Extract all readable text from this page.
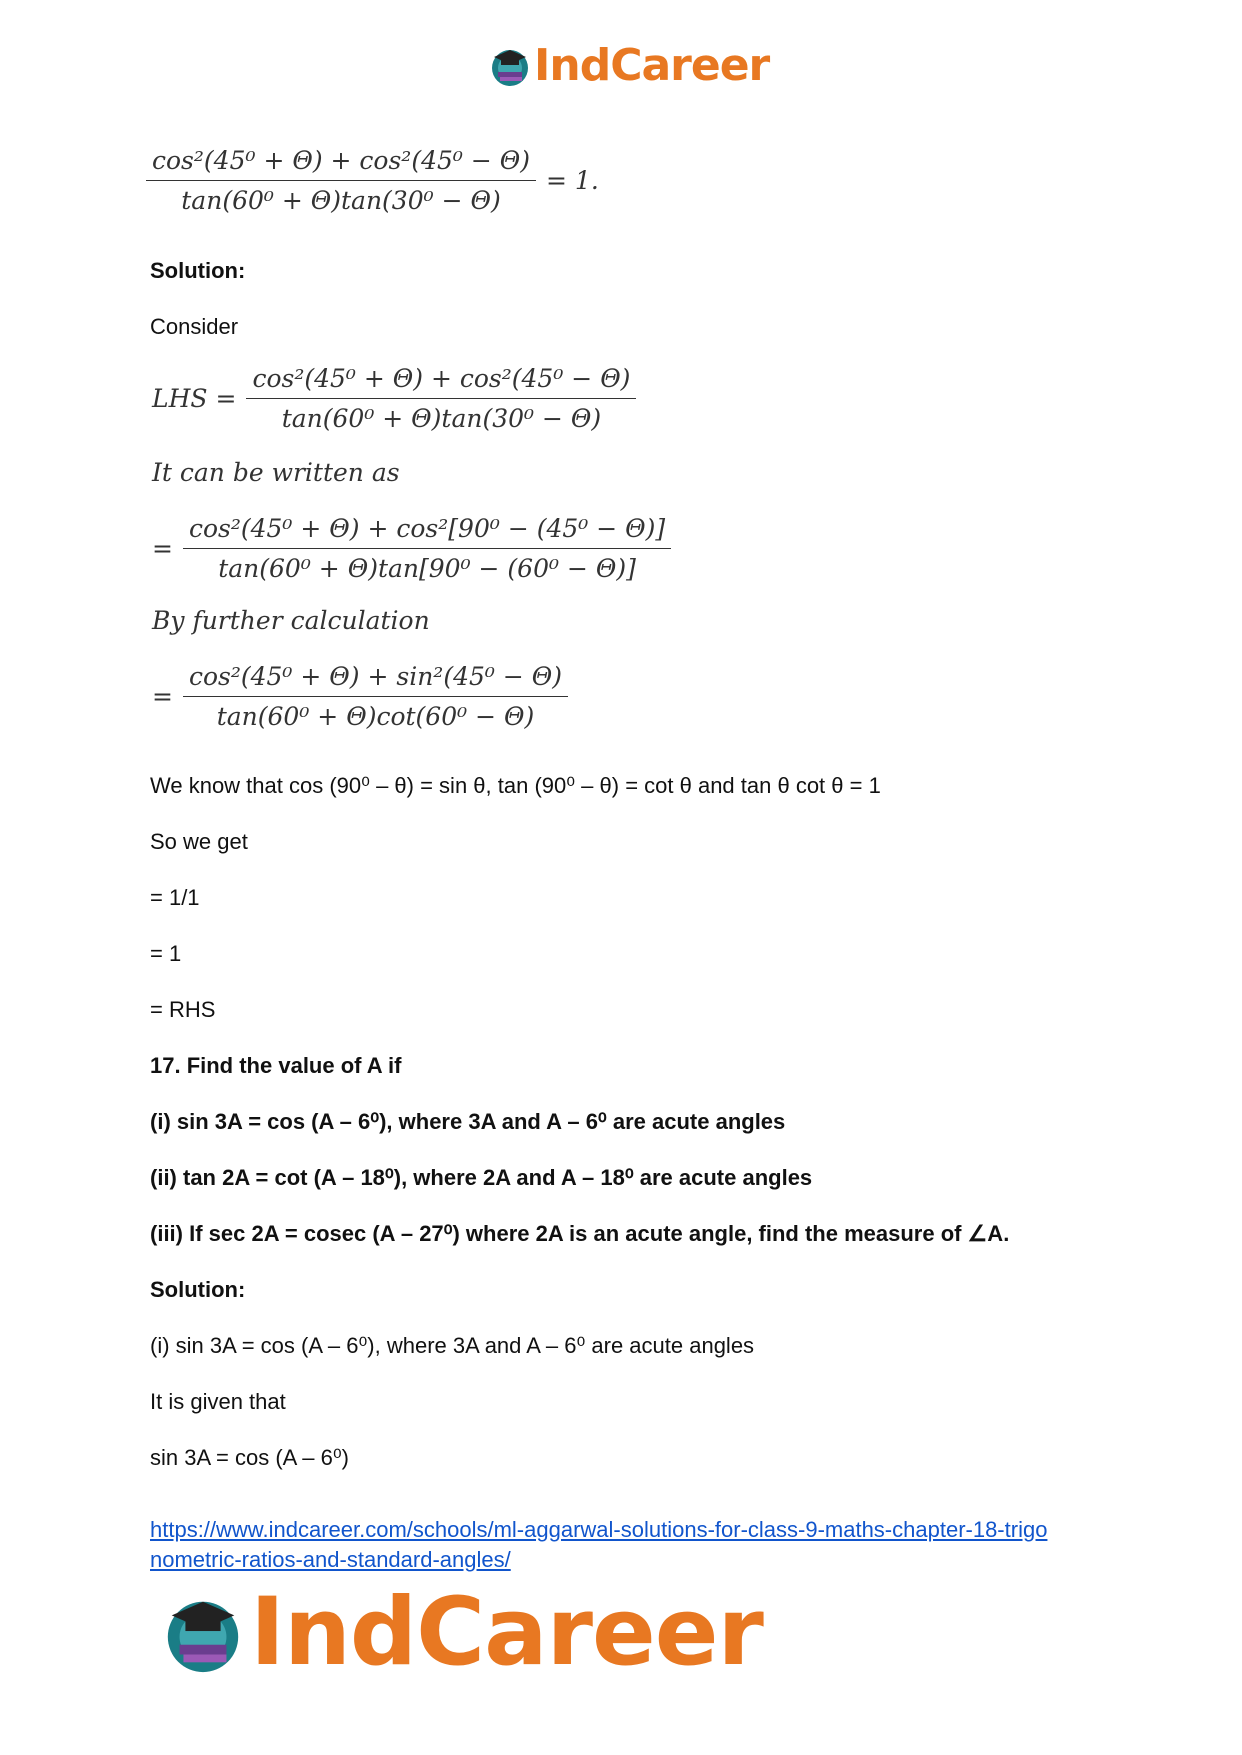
IndCareer
$\frac{\text{cos²(45⁰ + Θ) + cos²(45⁰ − Θ)}}{\text{tan(60⁰ + Θ)tan(30⁰ − Θ)}} = 1$.
Solution:
Consider
LHS = $\frac{\text{cos²(45⁰ + Θ) + cos²(45⁰ − Θ)}}{\text{tan(60⁰ + Θ)tan(30⁰ − Θ)}}$
It can be written as
= $\frac{\text{cos²(45⁰ + Θ) + cos²[90⁰ − (45⁰ − Θ)]}}{\text{tan(60⁰ + Θ)tan[90⁰ − (60⁰ − Θ)]}}$
By further calculation
= $\frac{\text{cos²(45⁰ + Θ) + sin²(45⁰ − Θ)}}{\text{tan(60⁰ + Θ)cot(60⁰ − Θ)}}$
We know that cos (90⁰ – θ) = sin θ, tan (90⁰ – θ) = cot θ and tan θ cot θ = 1
So we get
= 1/1
= 1
= RHS
17. Find the value of A if
(i) sin 3A = cos (A – 6⁰), where 3A and A – 6⁰ are acute angles
(ii) tan 2A = cot (A – 18⁰), where 2A and A – 18⁰ are acute angles
(iii) If sec 2A = cosec (A – 27⁰) where 2A is an acute angle, find the measure of ∠A.
Solution:
(i) sin 3A = cos (A – 6⁰), where 3A and A – 6⁰ are acute angles
It is given that
sin 3A = cos (A – 6⁰)
https://www.indcareer.com/schools/ml-aggarwal-solutions-for-class-9-maths-chapter-18-trigo
nometric-ratios-and-standard-angles/
IndCareer
